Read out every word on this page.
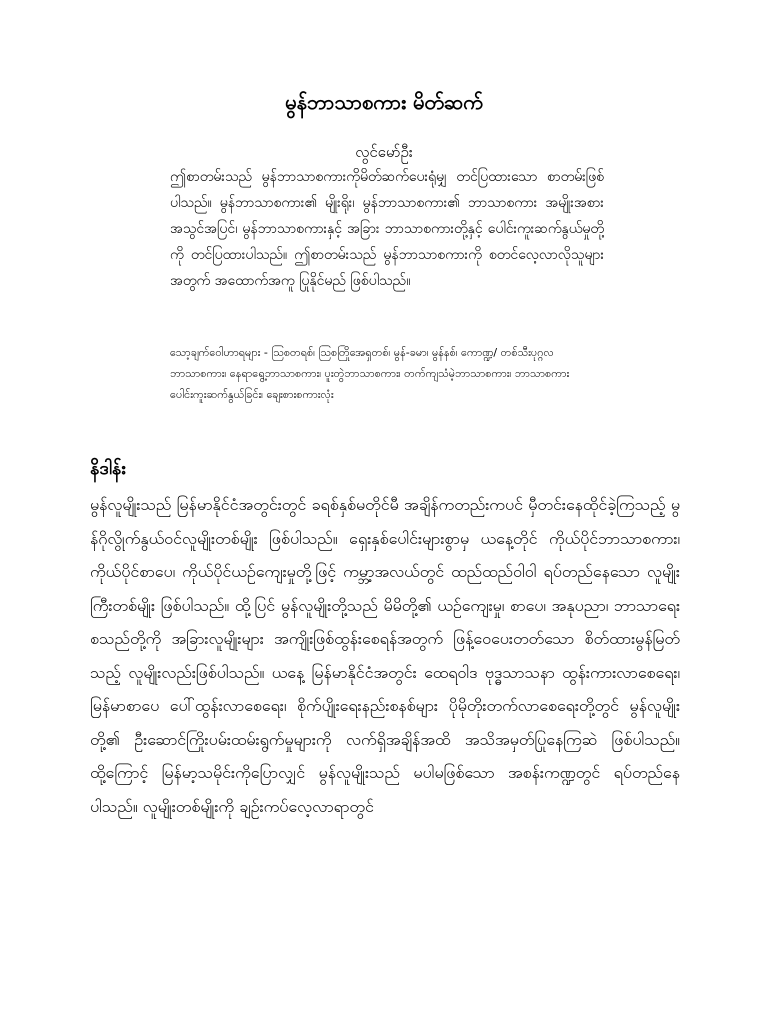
မွန်ဘာသာစကား မိတ်ဆက်
လွင်မော်ဦး

ဤစာတမ်းသည် မွန်ဘာသာစကားကိုမိတ်ဆက်ပေးရုံမျှ တင်ပြထားသော စာတမ်းဖြစ်ပါသည်။ မွန်ဘာသာစကား၏ မျိုးရိုး၊ မွန်ဘာသာစကား၏ ဘာသာစကား အမျိုးအစား အသွင်အပြင်၊ မွန်ဘာသာစကားနှင့် အခြား ဘာသာစကားတို့နှင့် ပေါင်းကူးဆက်နွယ်မှုတို့ကို တင်ပြထားပါသည်။ ဤစာတမ်းသည် မွန်ဘာသာစကားကို စတင်လေ့လာလိုသူများအတွက် အထောက်အကူ ပြုနိုင်မည် ဖြစ်ပါသည်။

သော့ချက်ဝေါဟာရများ - ဩစတရစ်၊ ဩစတြိုအေရှတစ်၊ မွန်-ခမာ၊ မွန်နစ်၊ ကောဏ္ဍ/ တစ်သီးပုဂ္ဂလဘာသာစကား၊ နေရာရွေ့ဘာသာစကား၊ ပူးတွဲဘာသာစကား၊ တက်ကျသံမဲ့ဘာသာစကား၊ ဘာသာစကားပေါင်းကူးဆက်နွယ်ခြင်း၊ ချေးစားစကားလုံး

နိဒါန်း

မွန်လူမျိုးသည် မြန်မာနိုင်ငံအတွင်းတွင် ခရစ်နှစ်မတိုင်မီ အချိန်ကတည်းကပင် မှီတင်းနေထိုင်ခဲ့ကြသည့် မွန်ဂိုလွိုက်နွယ်ဝင်လူမျိုးတစ်မျိုး ဖြစ်ပါသည်။ ရှေးနှစ်ပေါင်းများစွာမှ ယနေ့တိုင် ကိုယ်ပိုင်ဘာသာစကား၊ ကိုယ်ပိုင်စာပေ၊ ကိုယ်ပိုင်ယဉ်ကျေးမှုတို့ဖြင့် ကမ္ဘာ့အလယ်တွင် ထည်ထည်ဝါဝါ ရပ်တည်နေသော လူမျိုးကြီးတစ်မျိုး ဖြစ်ပါသည်။ ထို့ပြင် မွန်လူမျိုးတို့သည် မိမိတို့၏ ယဉ်ကျေးမှု၊ စာပေ၊ အနုပညာ၊ ဘာသာရေး စသည်တို့ကို အခြားလူမျိုးများ အကျိုးဖြစ်ထွန်းစေရန်အတွက် ဖြန့်ဝေပေးတတ်သော စိတ်ထားမွန်မြတ်သည့် လူမျိုးလည်းဖြစ်ပါသည်။ ယနေ့ မြန်မာနိုင်ငံအတွင်း ထေရဝါဒ ဗုဒ္ဓသာသနာ ထွန်းကားလာစေရေး၊ မြန်မာစာပေ ပေါ်ထွန်းလာစေရေး၊ စိုက်ပျိုးရေးနည်းစနစ်များ ပိုမိုတိုးတက်လာစေရေးတို့တွင် မွန်လူမျိုးတို့၏ ဦးဆောင်ကြိုးပမ်းထမ်းရွက်မှုများကို လက်ရှိအချိန်အထိ အသိအမှတ်ပြုနေကြဆဲ ဖြစ်ပါသည်။ ထို့ကြောင့် မြန်မာ့သမိုင်းကိုပြောလျှင် မွန်လူမျိုးသည် မပါမဖြစ်သော အစန်းကဏ္ဍတွင် ရပ်တည်နေပါသည်။ လူမျိုးတစ်မျိုးကို ချဉ်းကပ်လေ့လာရာတွင်
